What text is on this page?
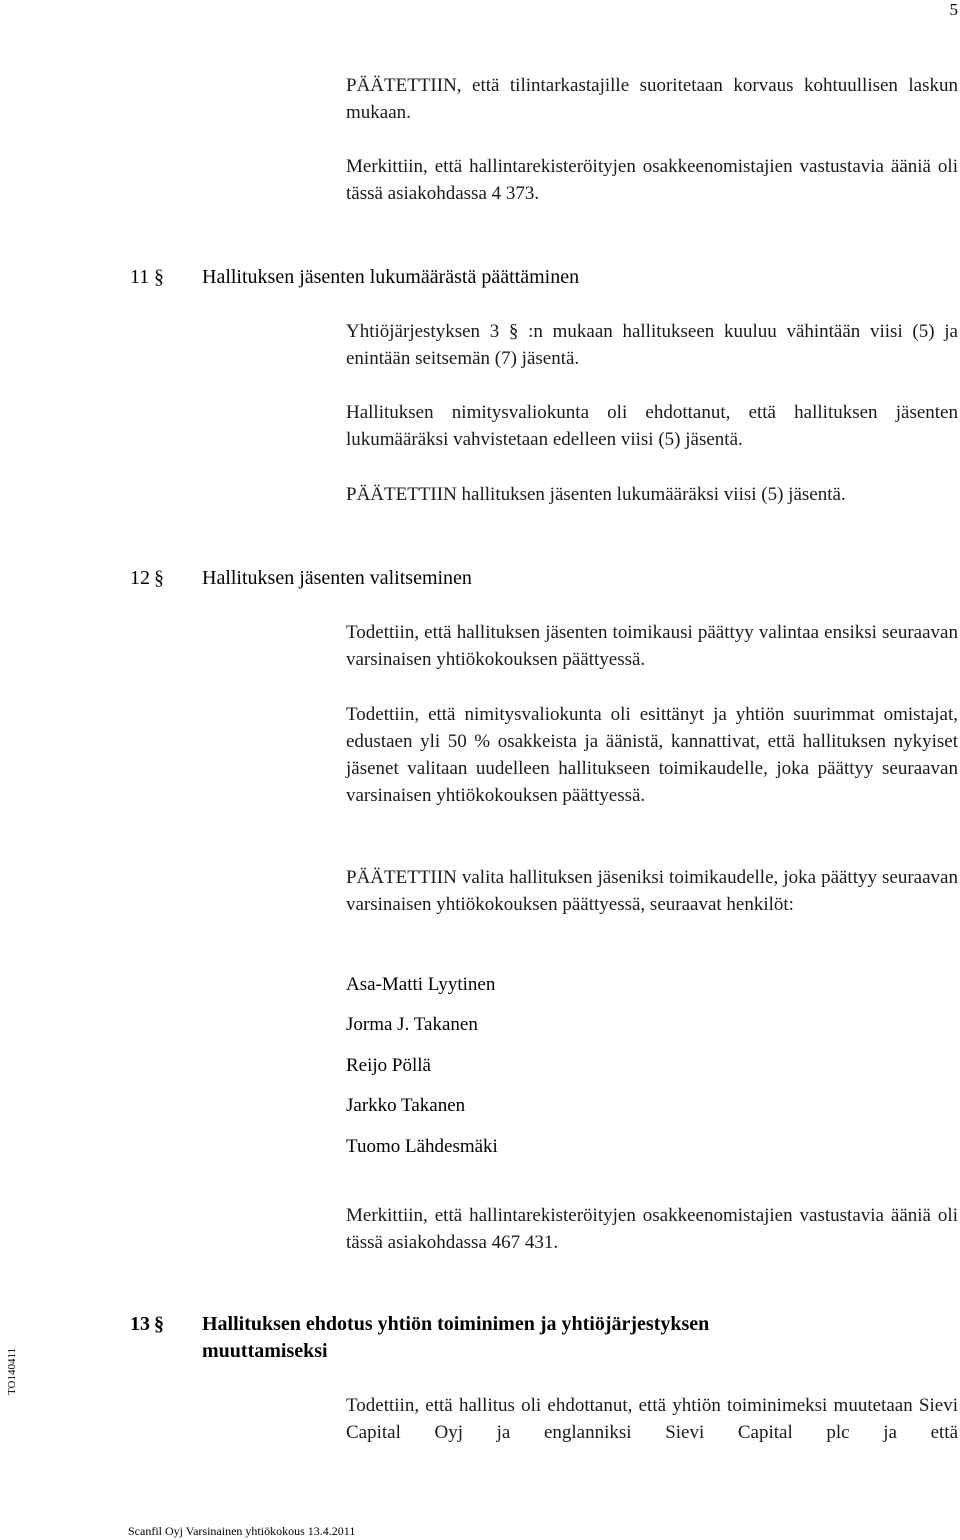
5

PÄÄTETTIIN, että tilintarkastajille suoritetaan korvaus kohtuullisen laskun mukaan.

Merkittiin, että hallintarekisteröityjen osakkeenomistajien vastustavia ääniä oli tässä asiakohdassa 4 373.

11 § Hallituksen jäsenten lukumäärästä päättäminen

Yhtiöjärjestyksen 3 § :n mukaan hallitukseen kuuluu vähintään viisi (5) ja enintään seitsemän (7) jäsentä.

Hallituksen nimitysvaliokunta oli ehdottanut, että hallituksen jäsenten lukumääräksi vahvistetaan edelleen viisi (5) jäsentä.

PÄÄTETTIIN hallituksen jäsenten lukumääräksi viisi (5) jäsentä.

12 § Hallituksen jäsenten valitseminen

Todettiin, että hallituksen jäsenten toimikausi päättyy valintaa ensiksi seuraavan varsinaisen yhtiökokouksen päättyessä.

Todettiin, että nimitysvaliokunta oli esittänyt ja yhtiön suurimmat omistajat, edustaen yli 50 % osakkeista ja äänistä, kannattivat, että hallituksen nykyiset jäsenet valitaan uudelleen hallitukseen toimikaudelle, joka päättyy seuraavan varsinaisen yhtiökokouksen päättyessä.

PÄÄTETTIIN valita hallituksen jäseniksi toimikaudelle, joka päättyy seuraavan varsinaisen yhtiökokouksen päättyessä, seuraavat henkilöt:

Asa-Matti Lyytinen

Jorma J. Takanen

Reijo Pöllä

Jarkko Takanen

Tuomo Lähdesmäki

Merkittiin, että hallintarekisteröityjen osakkeenomistajien vastustavia ääniä oli tässä asiakohdassa 467 431.

13 § Hallituksen ehdotus yhtiön toiminimen ja yhtiöjärjestyksen muuttamiseksi

Todettiin, että hallitus oli ehdottanut, että yhtiön toiminimeksi muutetaan Sievi Capital Oyj ja englanniksi Sievi Capital plc ja että

TO140411
Scanfil Oyj Varsinainen yhtiökokous 13.4.2011
